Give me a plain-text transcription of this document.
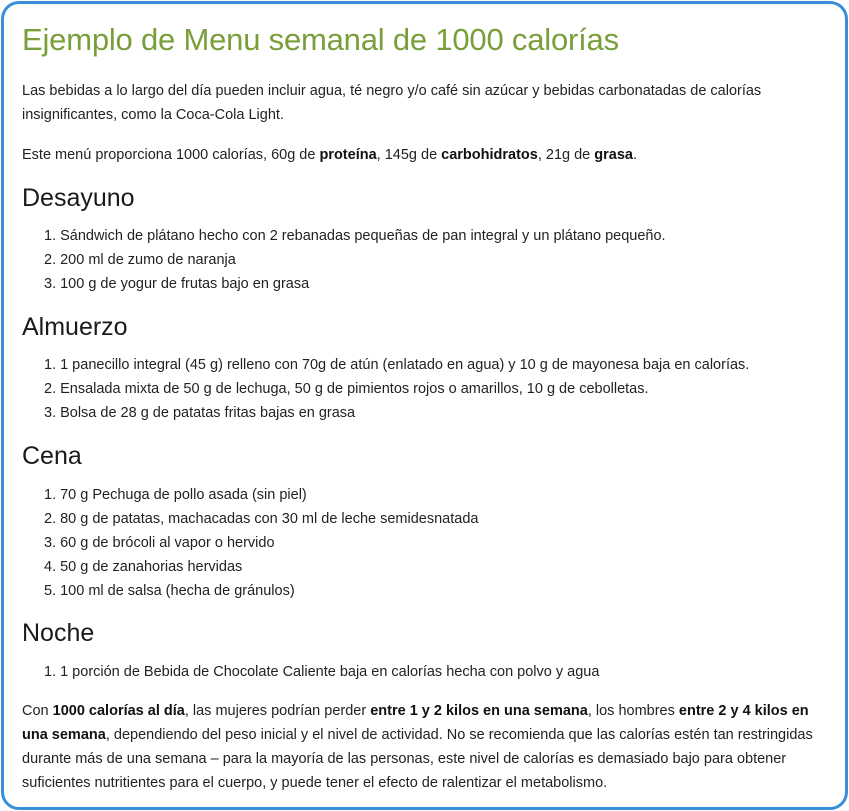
Ejemplo de Menu semanal de 1000 calorías

Las bebidas a lo largo del día pueden incluir agua, té negro y/o café sin azúcar y bebidas carbonatadas de calorías insignificantes, como la Coca-Cola Light.

Este menú proporciona 1000 calorías, 60g de proteína, 145g de carbohidratos, 21g de grasa.

Desayuno
1. Sándwich de plátano hecho con 2 rebanadas pequeñas de pan integral y un plátano pequeño.
2. 200 ml de zumo de naranja
3. 100 g de yogur de frutas bajo en grasa
Almuerzo
1. 1 panecillo integral (45 g) relleno con 70g de atún (enlatado en agua) y 10 g de mayonesa baja en calorías.
2. Ensalada mixta de 50 g de lechuga, 50 g de pimientos rojos o amarillos, 10 g de cebolletas.
3. Bolsa de 28 g de patatas fritas bajas en grasa
Cena
1. 70 g Pechuga de pollo asada (sin piel)
2. 80 g de patatas, machacadas con 30 ml de leche semidesnatada
3. 60 g de brócoli al vapor o hervido
4. 50 g de zanahorias hervidas
5. 100 ml de salsa (hecha de gránulos)
Noche
1. 1 porción de Bebida de Chocolate Caliente baja en calorías hecha con polvo y agua

Con 1000 calorías al día, las mujeres podrían perder entre 1 y 2 kilos en una semana, los hombres entre 2 y 4 kilos en una semana, dependiendo del peso inicial y el nivel de actividad. No se recomienda que las calorías estén tan restringidas durante más de una semana – para la mayoría de las personas, este nivel de calorías es demasiado bajo para obtener suficientes nutritientes para el cuerpo, y puede tener el efecto de ralentizar el metabolismo.
